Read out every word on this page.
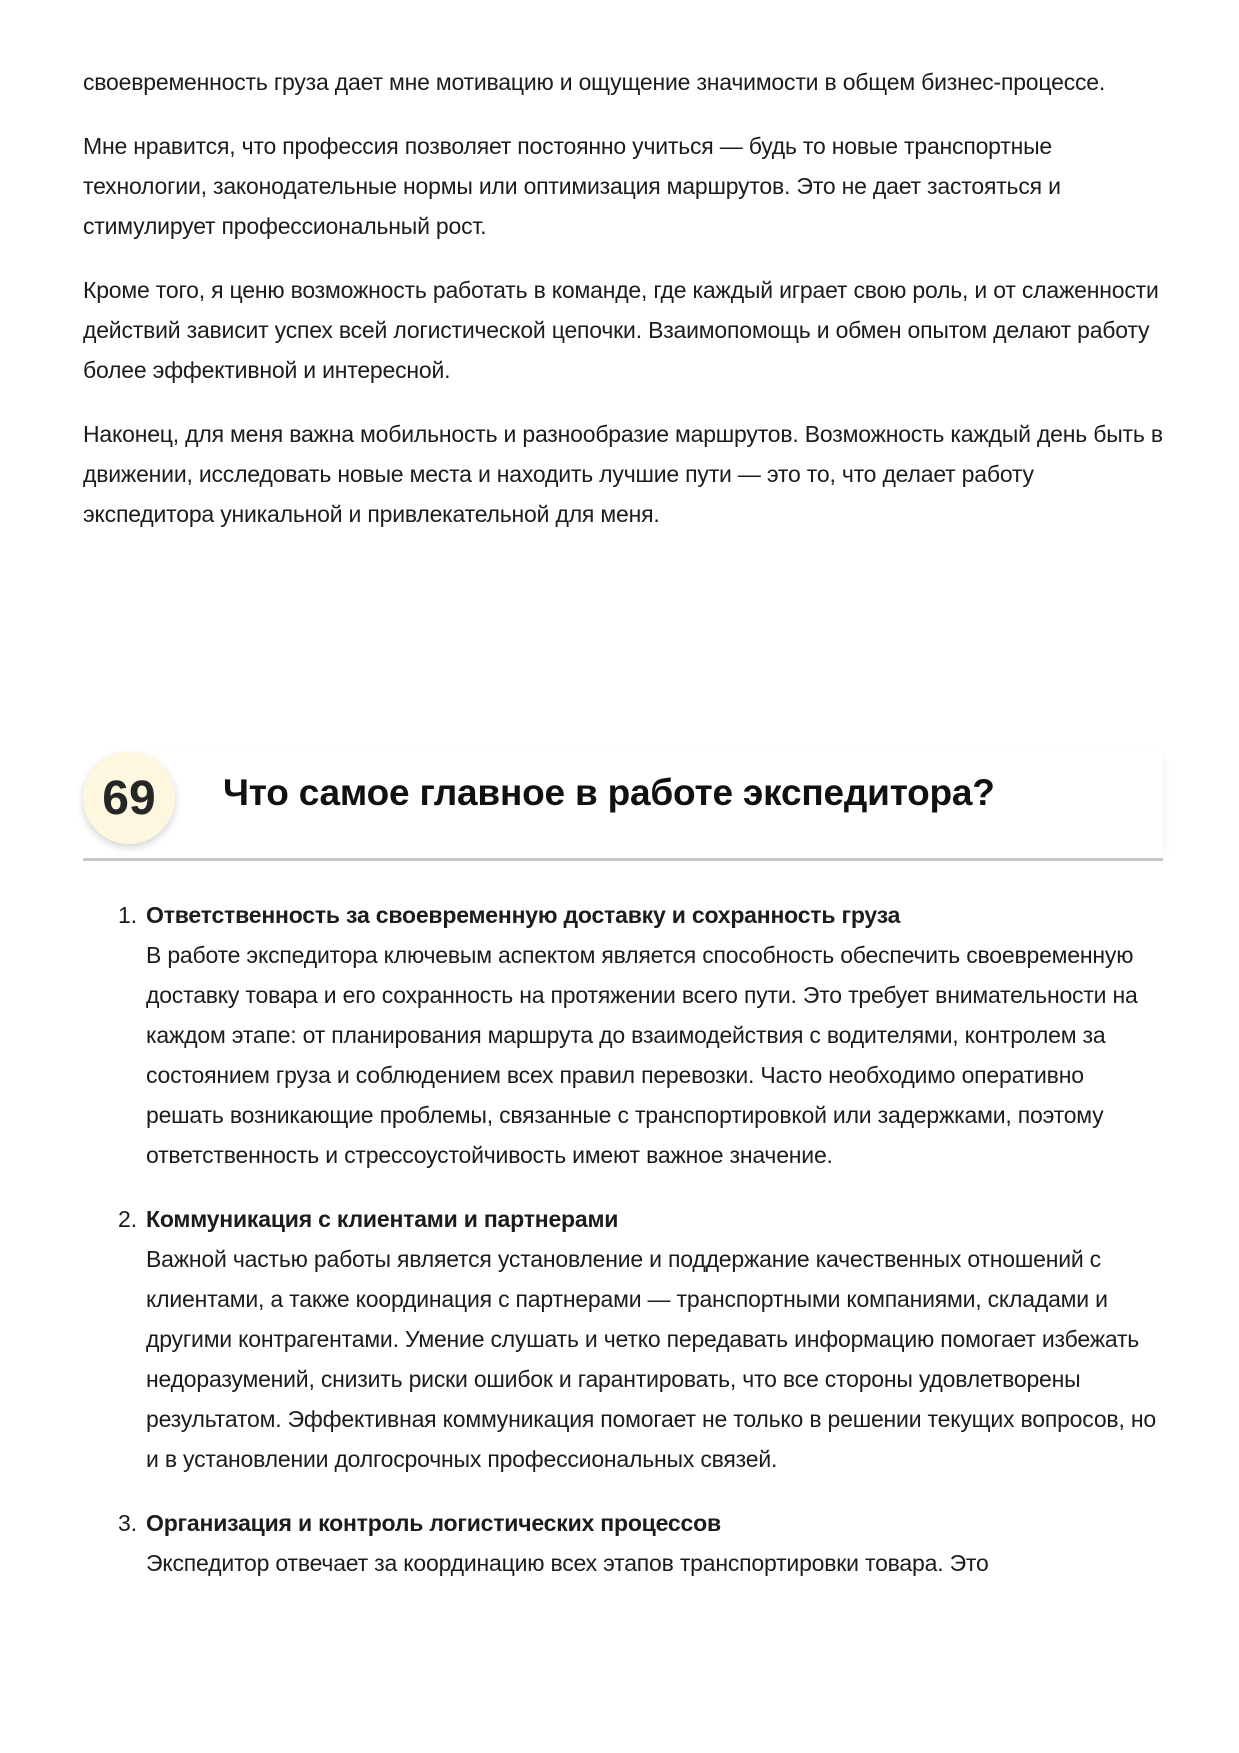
своевременность груза дает мне мотивацию и ощущение значимости в общем бизнес-процессе.

Мне нравится, что профессия позволяет постоянно учиться — будь то новые транспортные технологии, законодательные нормы или оптимизация маршрутов. Это не дает застояться и стимулирует профессиональный рост.

Кроме того, я ценю возможность работать в команде, где каждый играет свою роль, и от слаженности действий зависит успех всей логистической цепочки. Взаимопомощь и обмен опытом делают работу более эффективной и интересной.

Наконец, для меня важна мобильность и разнообразие маршрутов. Возможность каждый день быть в движении, исследовать новые места и находить лучшие пути — это то, что делает работу экспедитора уникальной и привлекательной для меня.

69	Что самое главное в работе экспедитора?
1. Ответственность за своевременную доставку и сохранность груза
В работе экспедитора ключевым аспектом является способность обеспечить своевременную доставку товара и его сохранность на протяжении всего пути. Это требует внимательности на каждом этапе: от планирования маршрута до взаимодействия с водителями, контролем за состоянием груза и соблюдением всех правил перевозки. Часто необходимо оперативно решать возникающие проблемы, связанные с транспортировкой или задержками, поэтому ответственность и стрессоустойчивость имеют важное значение.
2. Коммуникация с клиентами и партнерами
Важной частью работы является установление и поддержание качественных отношений с клиентами, а также координация с партнерами — транспортными компаниями, складами и другими контрагентами. Умение слушать и четко передавать информацию помогает избежать недоразумений, снизить риски ошибок и гарантировать, что все стороны удовлетворены результатом. Эффективная коммуникация помогает не только в решении текущих вопросов, но и в установлении долгосрочных профессиональных связей.
3. Организация и контроль логистических процессов
Экспедитор отвечает за координацию всех этапов транспортировки товара. Это
